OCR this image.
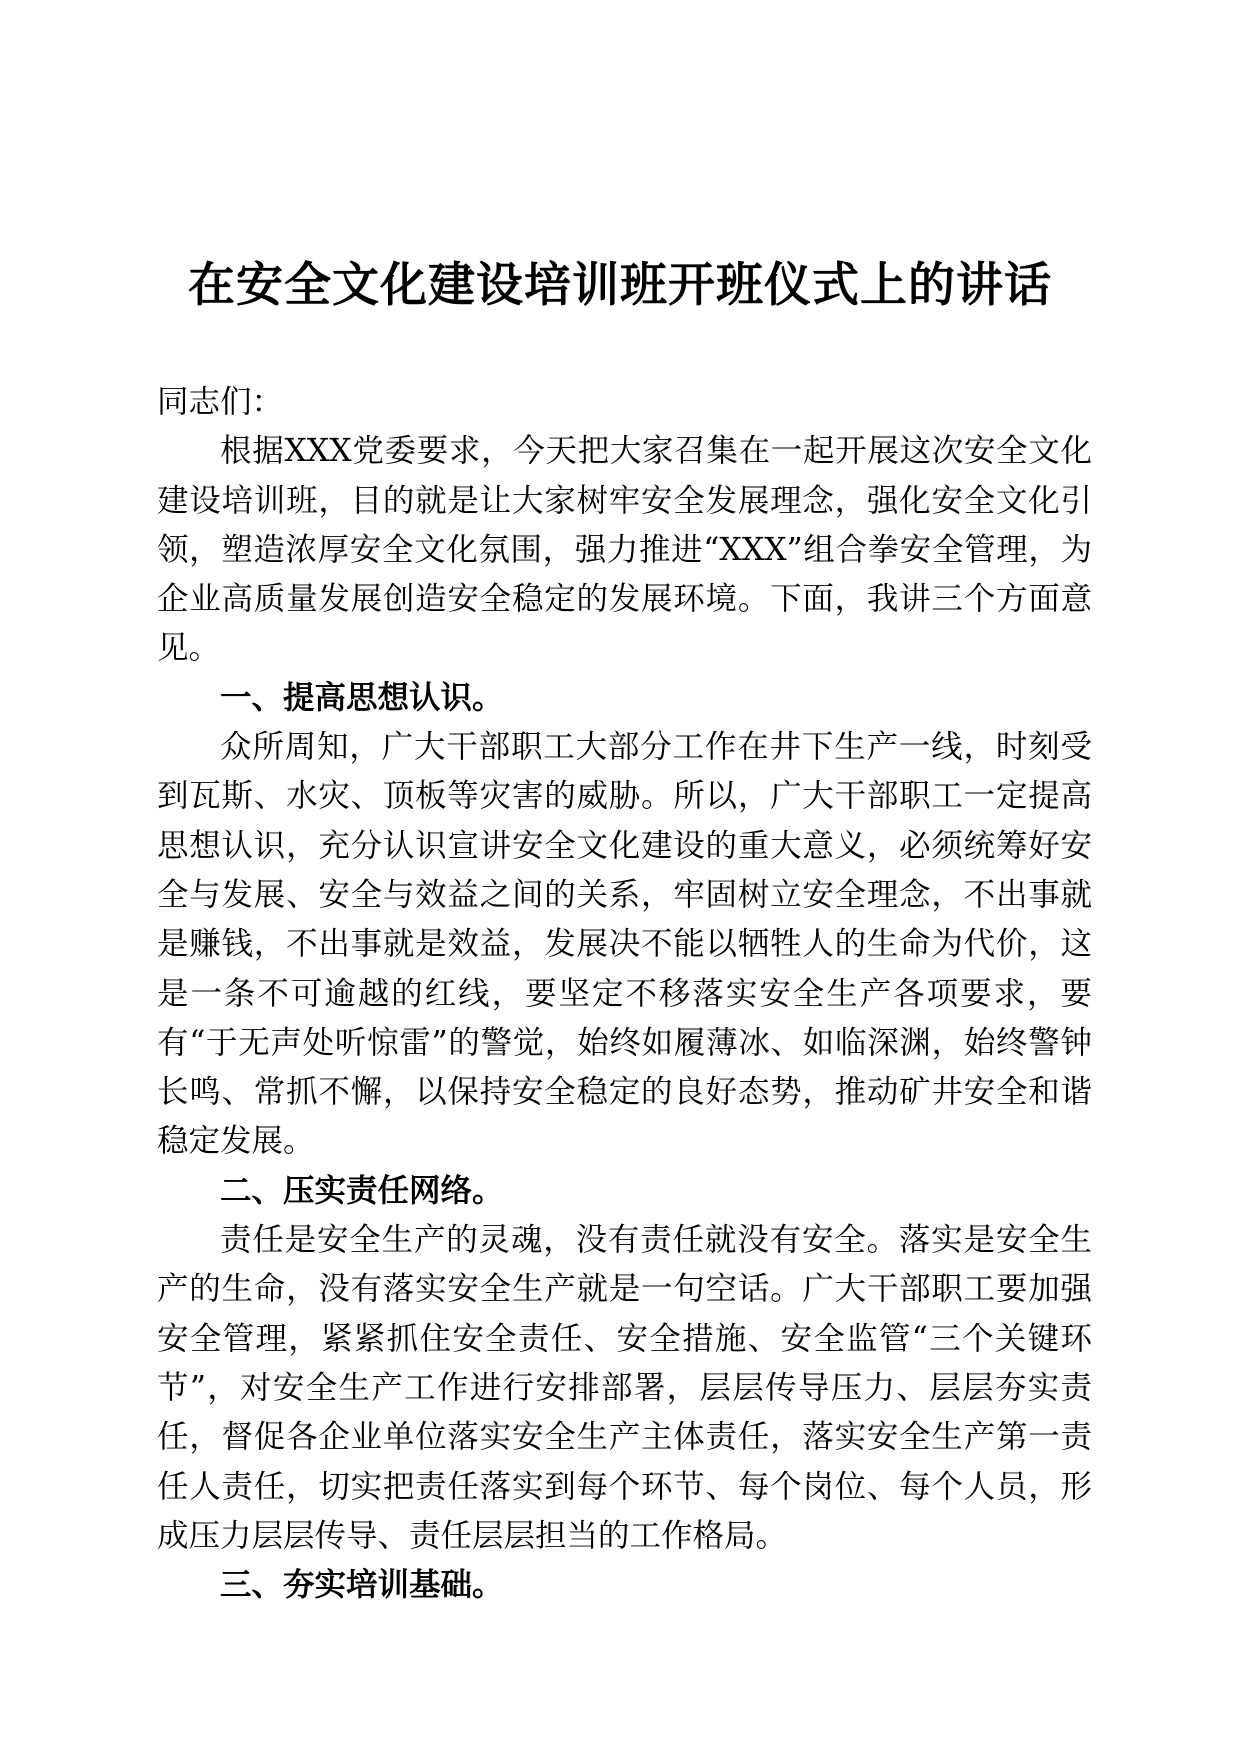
在安全文化建设培训班开班仪式上的讲话

同志们：

根据XXX党委要求，今天把大家召集在一起开展这次安全文化建设培训班，目的就是让大家树牢安全发展理念，强化安全文化引领，塑造浓厚安全文化氛围，强力推进“XXX”组合拳安全管理，为企业高质量发展创造安全稳定的发展环境。下面，我讲三个方面意见。

一、提高思想认识。

众所周知，广大干部职工大部分工作在井下生产一线，时刻受到瓦斯、水灾、顶板等灾害的威胁。所以，广大干部职工一定提高思想认识，充分认识宣讲安全文化建设的重大意义，必须统筹好安全与发展、安全与效益之间的关系，牢固树立安全理念，不出事就是赚钱，不出事就是效益，发展决不能以牺牲人的生命为代价，这是一条不可逾越的红线，要坚定不移落实安全生产各项要求，要有“于无声处听惊雷”的警觉，始终如履薄冰、如临深渊，始终警钟长鸣、常抓不懈，以保持安全稳定的良好态势，推动矿井安全和谐稳定发展。

二、压实责任网络。

责任是安全生产的灵魂，没有责任就没有安全。落实是安全生产的生命，没有落实安全生产就是一句空话。广大干部职工要加强安全管理，紧紧抓住安全责任、安全措施、安全监管“三个关键环节”，对安全生产工作进行安排部署，层层传导压力、层层夯实责任，督促各企业单位落实安全生产主体责任，落实安全生产第一责任人责任，切实把责任落实到每个环节、每个岗位、每个人员，形成压力层层传导、责任层层担当的工作格局。

三、夯实培训基础。
